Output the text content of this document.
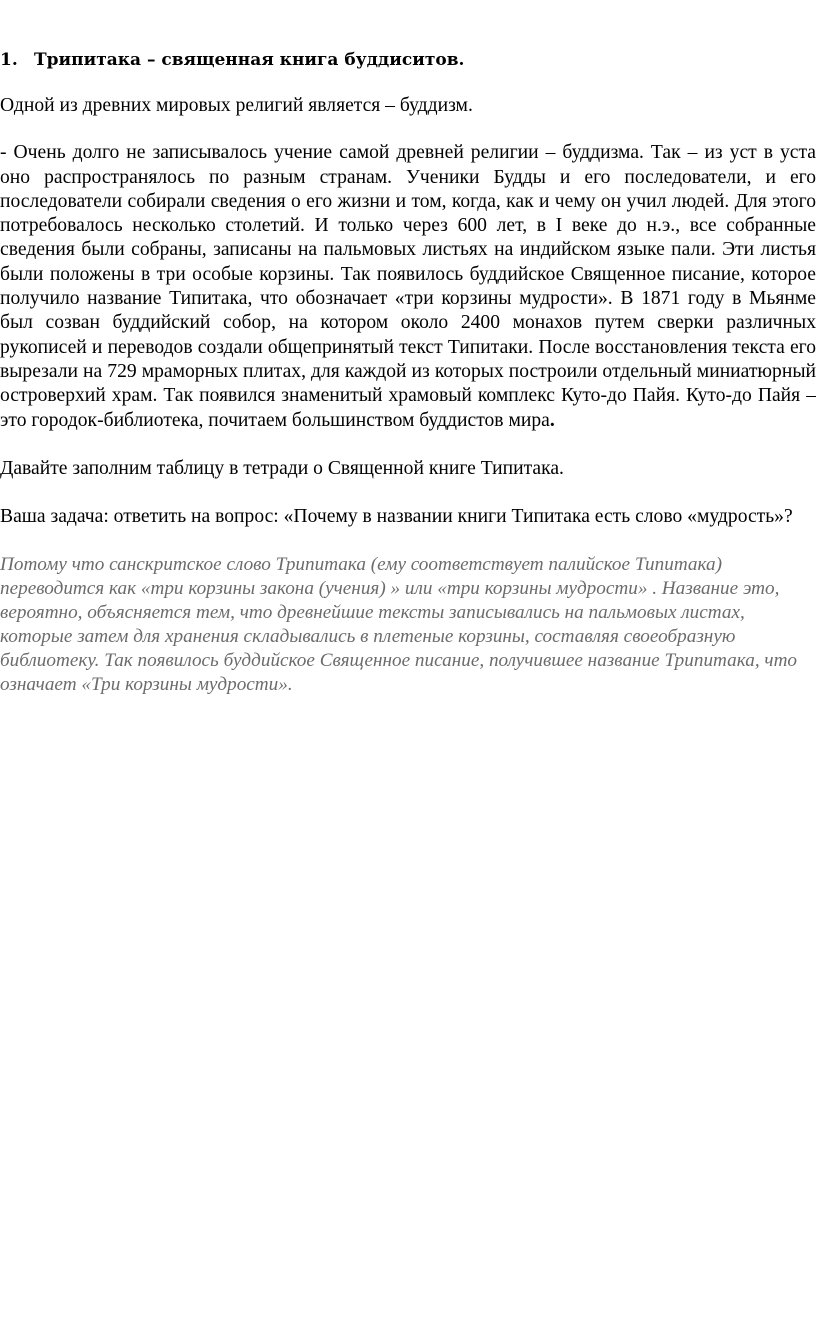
1. Трипитака – священная книга буддиситов.

Одной из древних мировых религий является – буддизм.

- Очень долго не записывалось учение самой древней религии – буддизма. Так – из уст в уста оно распространялось по разным странам. Ученики Будды и его последователи, и его последователи собирали сведения о его жизни и том, когда, как и чему он учил людей. Для этого потребовалось несколько столетий. И только через 600 лет, в I веке до н.э., все собранные сведения были собраны, записаны на пальмовых листьях на индийском языке пали. Эти листья были положены в три особые корзины. Так появилось буддийское Священное писание, которое получило название Типитака, что обозначает «три корзины мудрости». В 1871 году в Мьянме был созван буддийский собор, на котором около 2400 монахов путем сверки различных рукописей и переводов создали общепринятый текст Типитаки. После восстановления текста его вырезали на 729 мраморных плитах, для каждой из которых построили отдельный миниатюрный островерхий храм. Так появился знаменитый храмовый комплекс Куто-до Пайя. Куто-до Пайя – это городок-библиотека, почитаем большинством буддистов мира.

Давайте заполним таблицу в тетради о Священной книге Типитака.

Ваша задача: ответить на вопрос: «Почему в названии книги Типитака есть слово «мудрость»?

Потому что санскритское слово Трипитака (ему соответствует палийское Типитака) переводится как «три корзины закона (учения) » или «три корзины мудрости» . Название это, вероятно, объясняется тем, что древнейшие тексты записывались на пальмовых листах, которые затем для хранения складывались в плетеные корзины, составляя своеобразную библиотеку. Так появилось буддийское Священное писание, получившее название Трипитака, что означает «Три корзины мудрости».
